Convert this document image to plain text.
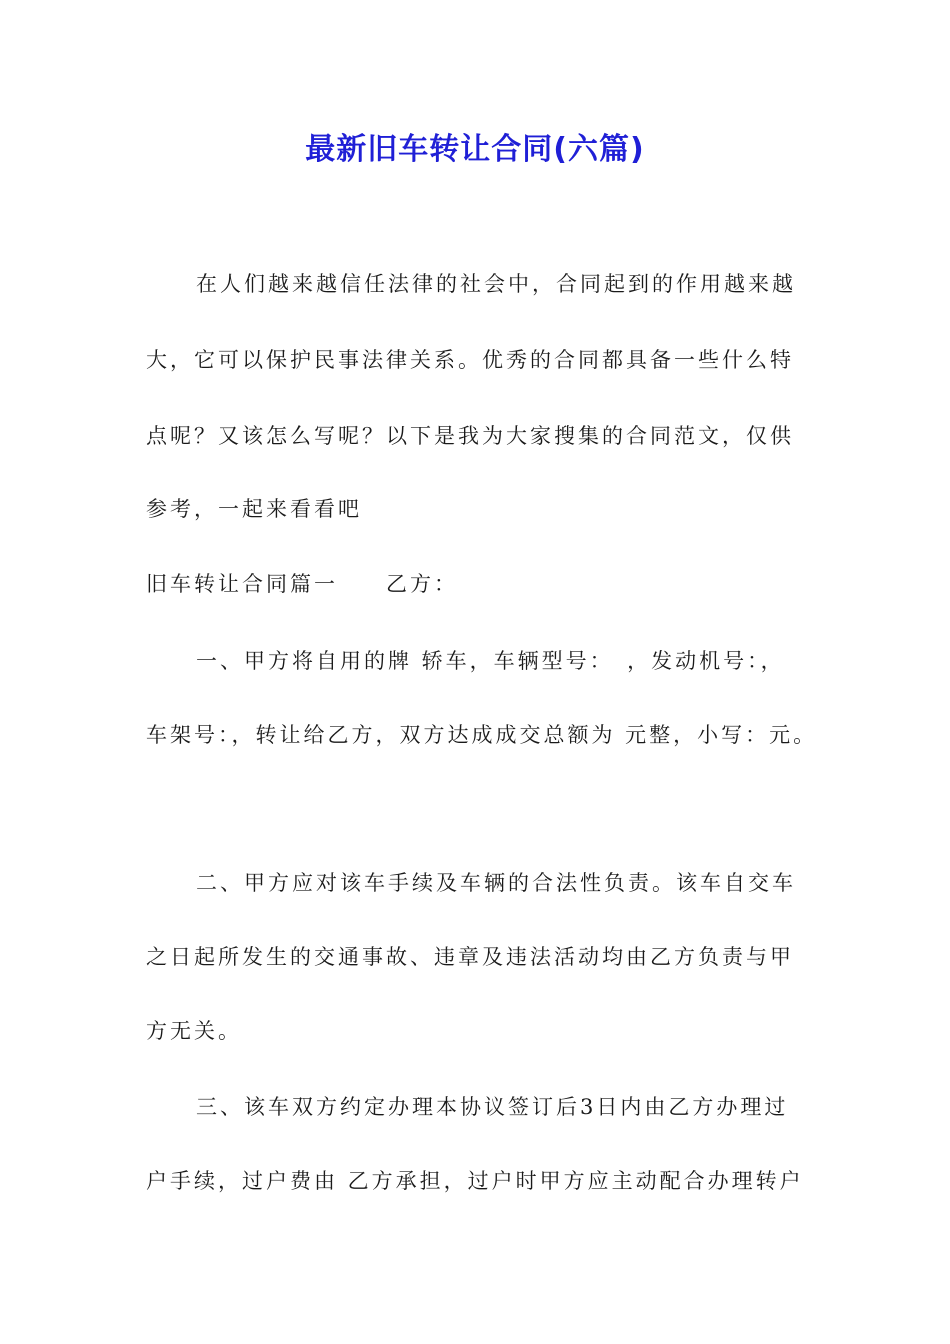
最新旧车转让合同(六篇)

在人们越来越信任法律的社会中，合同起到的作用越来越

大，它可以保护民事法律关系。优秀的合同都具备一些什么特

点呢？又该怎么写呢？以下是我为大家搜集的合同范文，仅供

参考，一起来看看吧

旧车转让合同篇一　　乙方：

一、甲方将自用的牌 轿车，车辆型号：　，发动机号：，

车架号：，转让给乙方，双方达成成交总额为 元整，小写：元。

二、甲方应对该车手续及车辆的合法性负责。该车自交车

之日起所发生的交通事故、违章及违法活动均由乙方负责与甲

方无关。

三、该车双方约定办理本协议签订后3日内由乙方办理过

户手续，过户费由 乙方承担，过户时甲方应主动配合办理转户
